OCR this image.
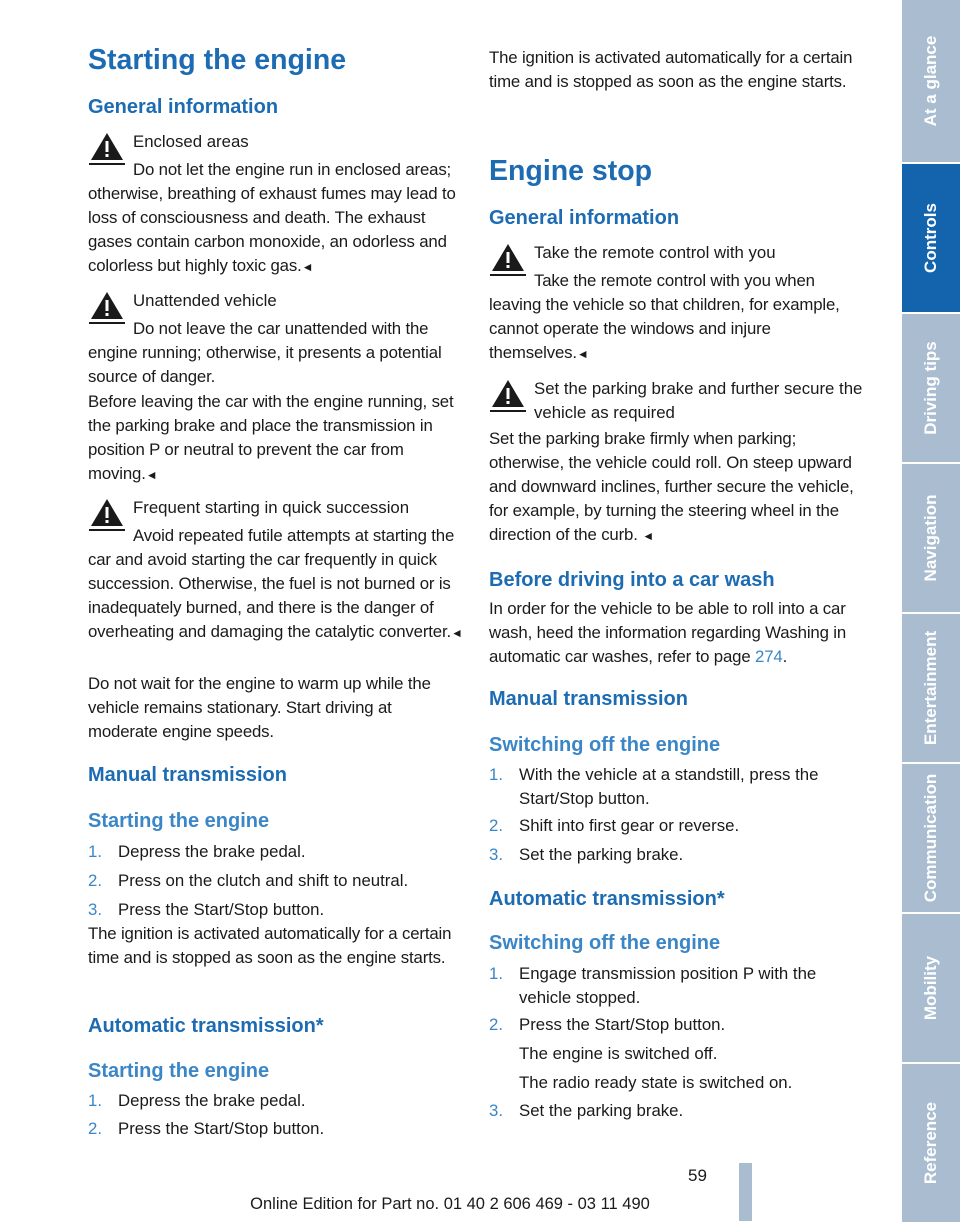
Starting the engine
General information

Enclosed areas

Do not let the engine run in enclosed areas; otherwise, breathing of exhaust fumes may lead to loss of consciousness and death. The exhaust gases contain carbon monoxide, an odorless and colorless but highly toxic gas.◄

Unattended vehicle

Do not leave the car unattended with the engine running; otherwise, it presents a potential source of danger.

Before leaving the car with the engine running, set the parking brake and place the transmission in position P or neutral to prevent the car from moving.◄

Frequent starting in quick succession

Avoid repeated futile attempts at starting the car and avoid starting the car frequently in quick succession. Otherwise, the fuel is not burned or is inadequately burned, and there is the danger of overheating and damaging the catalytic converter.◄

Do not wait for the engine to warm up while the vehicle remains stationary. Start driving at moderate engine speeds.

Manual transmission
Starting the engine
1. Depress the brake pedal.

2. Press on the clutch and shift to neutral.

3. Press the Start/Stop button.

The ignition is activated automatically for a certain time and is stopped as soon as the engine starts.

Automatic transmission*
Starting the engine
1. Depress the brake pedal.

2. Press the Start/Stop button.

The ignition is activated automatically for a certain time and is stopped as soon as the engine starts.

Engine stop
General information

Take the remote control with you

Take the remote control with you when leaving the vehicle so that children, for example, cannot operate the windows and injure themselves.◄

Set the parking brake and further secure the vehicle as required

Set the parking brake firmly when parking; otherwise, the vehicle could roll. On steep upward and downward inclines, further secure the vehicle, for example, by turning the steering wheel in the direction of the curb. ◄

Before driving into a car wash

In order for the vehicle to be able to roll into a car wash, heed the information regarding Washing in automatic car washes, refer to page 274.

Manual transmission
Switching off the engine
1. With the vehicle at a standstill, press the Start/Stop button.

2. Shift into first gear or reverse.

3. Set the parking brake.

Automatic transmission*
Switching off the engine
1. Engage transmission position P with the vehicle stopped.

2. Press the Start/Stop button.

The engine is switched off.

The radio ready state is switched on.

3. Set the parking brake.

59
Online Edition for Part no. 01 40 2 606 469 - 03 11 490
At a glance
Controls
Driving tips
Navigation
Entertainment
Communication
Mobility
Reference
